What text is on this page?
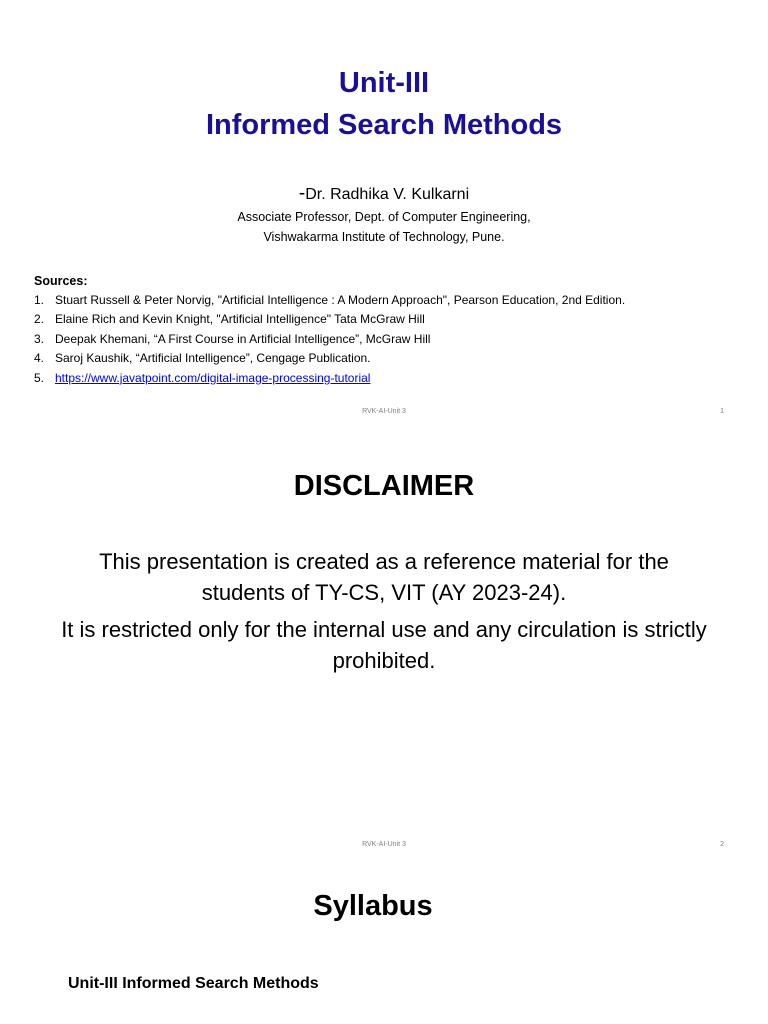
Unit-III
Informed Search Methods
-Dr. Radhika V. Kulkarni
Associate Professor, Dept. of Computer Engineering,
Vishwakarma Institute of Technology, Pune.
Sources:
1. Stuart Russell & Peter Norvig, "Artificial Intelligence : A Modern Approach", Pearson Education, 2nd Edition.
2. Elaine Rich and Kevin Knight, "Artificial Intelligence" Tata McGraw Hill
3. Deepak Khemani, “A First Course in Artificial Intelligence”, McGraw Hill
4. Saroj Kaushik, “Artificial Intelligence”, Cengage Publication.
5. https://www.javatpoint.com/digital-image-processing-tutorial
RVK-AI-Unit 3	1
DISCLAIMER
This presentation is created as a reference material for the students of TY-CS, VIT (AY 2023-24).
It is restricted only for the internal use and any circulation is strictly prohibited.
RVK-AI-Unit 3	2
Syllabus
Unit-III Informed Search Methods
